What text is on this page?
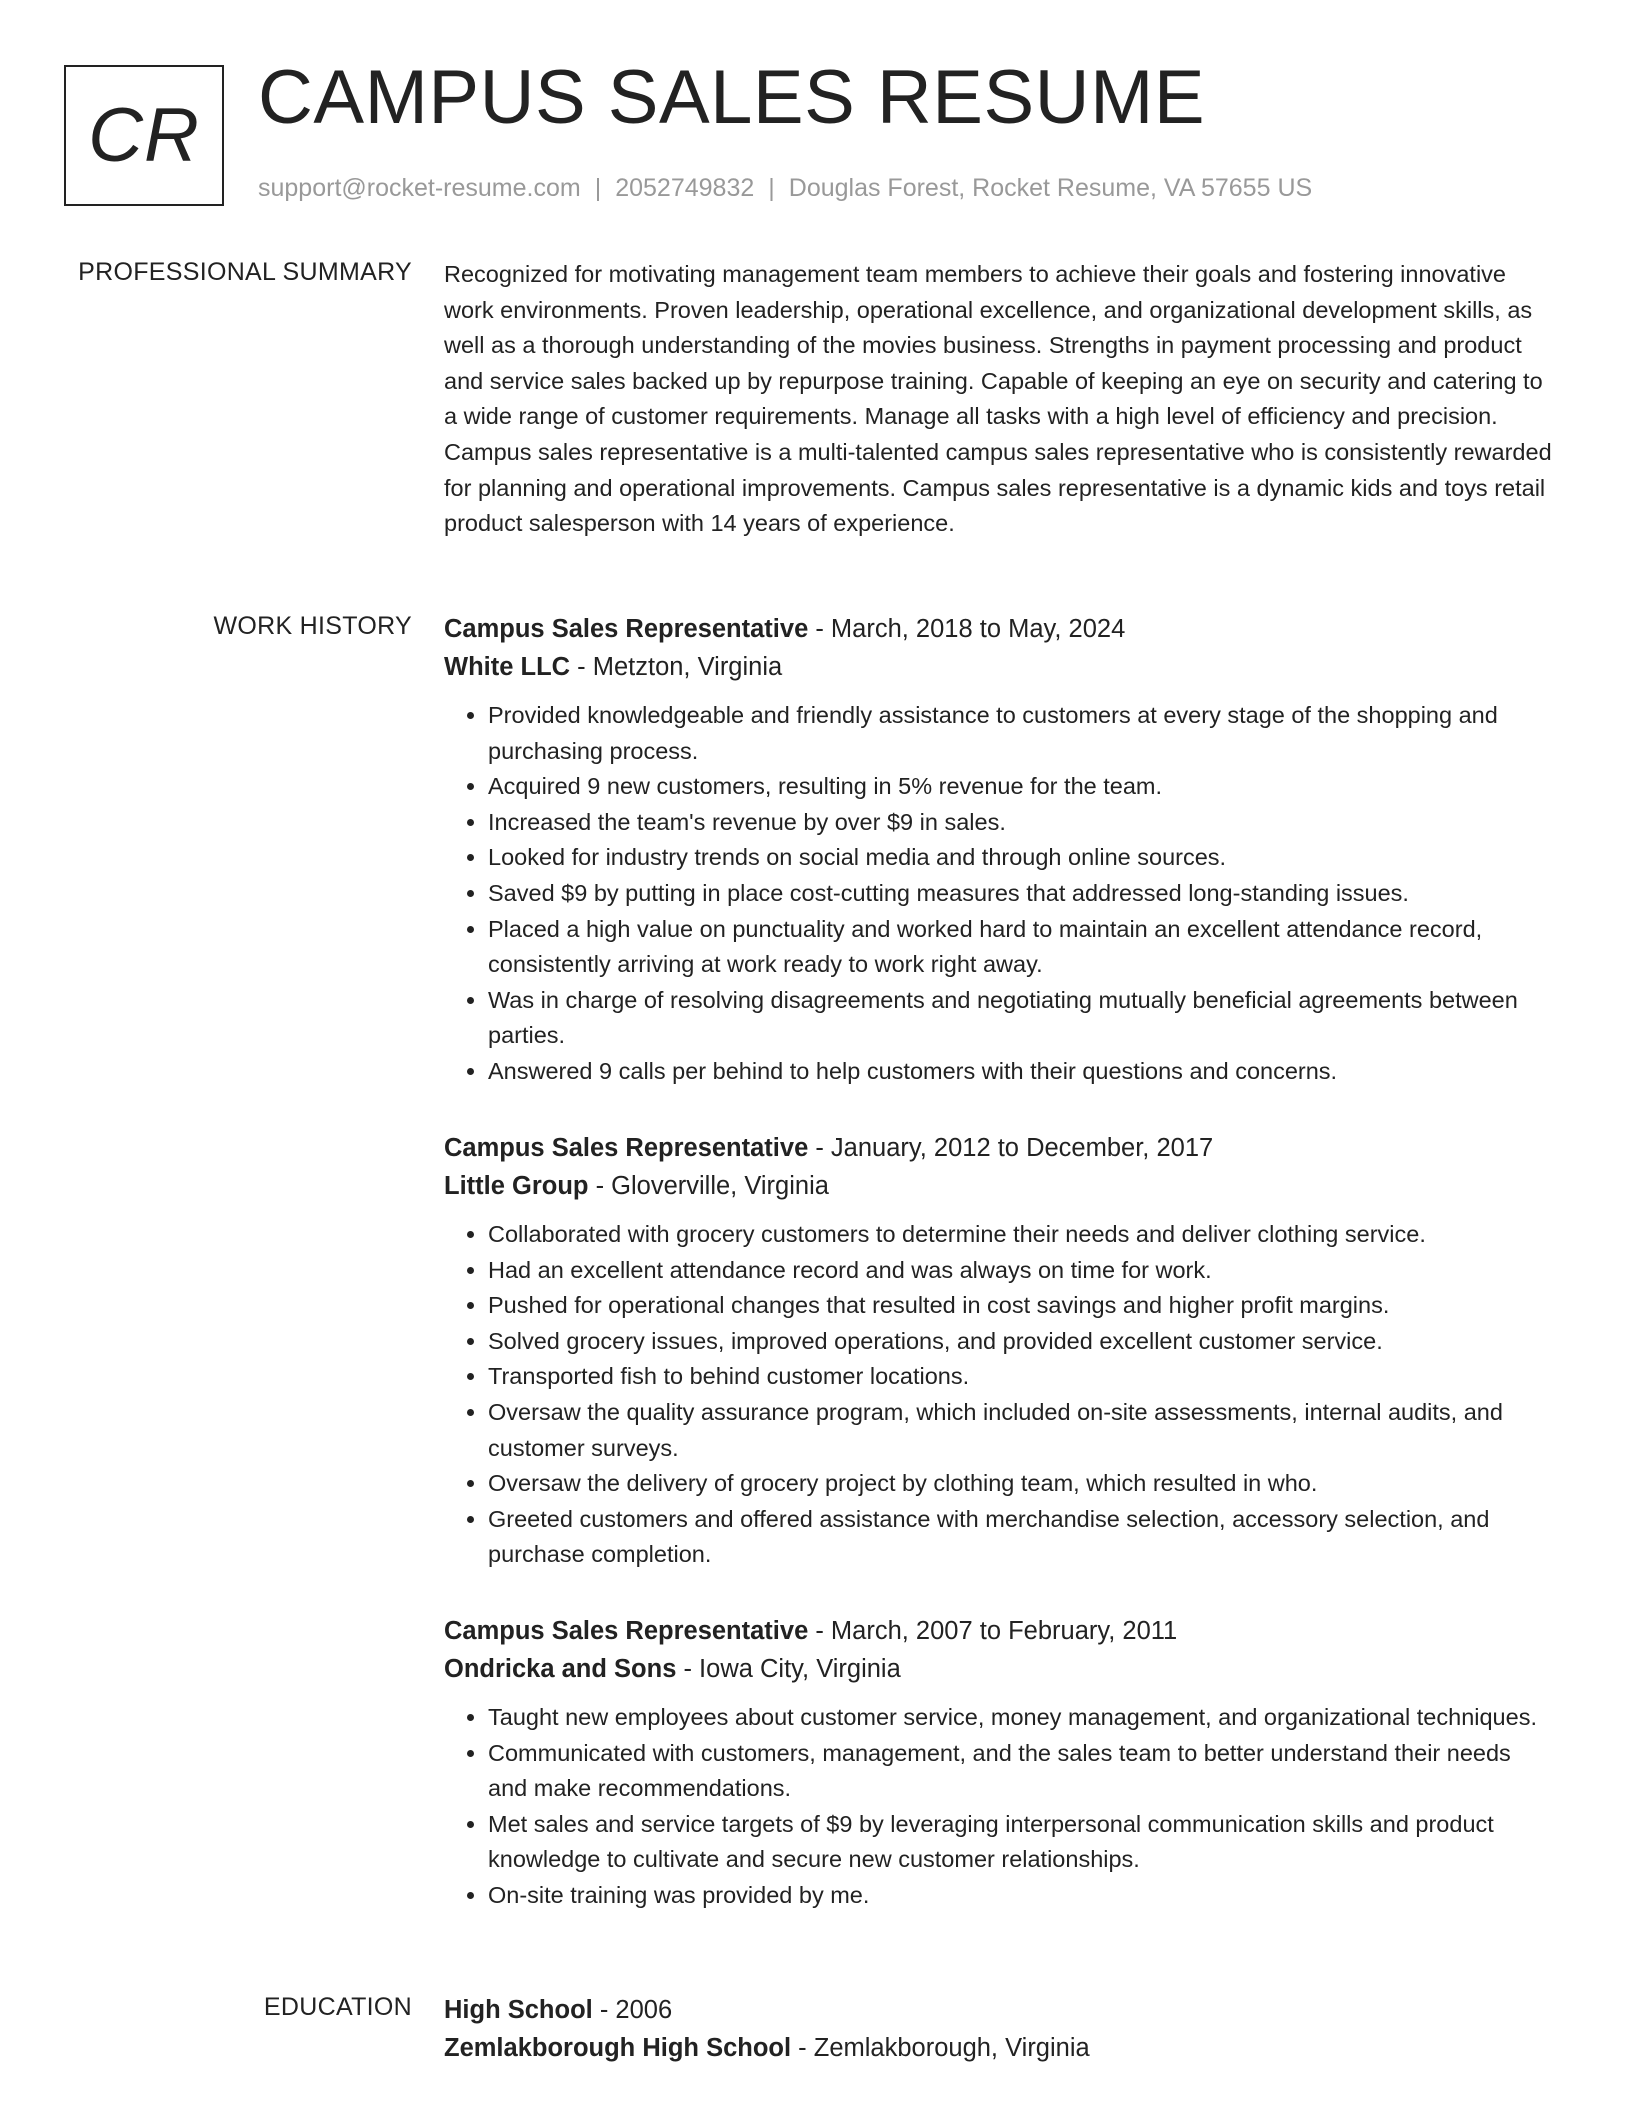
CR CAMPUS SALES RESUME
support@rocket-resume.com | 2052749832 | Douglas Forest, Rocket Resume, VA 57655 US
PROFESSIONAL SUMMARY Recognized for motivating management team members to achieve their goals and fostering innovative work environments. Proven leadership, operational excellence, and organizational development skills, as well as a thorough understanding of the movies business. Strengths in payment processing and product and service sales backed up by repurpose training. Capable of keeping an eye on security and catering to a wide range of customer requirements. Manage all tasks with a high level of efficiency and precision. Campus sales representative is a multi-talented campus sales representative who is consistently rewarded for planning and operational improvements. Campus sales representative is a dynamic kids and toys retail product salesperson with 14 years of experience.

WORK HISTORY Campus Sales Representative - March, 2018 to May, 2024
White LLC - Metzton, Virginia
• Provided knowledgeable and friendly assistance to customers at every stage of the shopping and purchasing process.
• Acquired 9 new customers, resulting in 5% revenue for the team.
• Increased the team's revenue by over $9 in sales.
• Looked for industry trends on social media and through online sources.
• Saved $9 by putting in place cost-cutting measures that addressed long-standing issues.
• Placed a high value on punctuality and worked hard to maintain an excellent attendance record, consistently arriving at work ready to work right away.
• Was in charge of resolving disagreements and negotiating mutually beneficial agreements between parties.
• Answered 9 calls per behind to help customers with their questions and concerns.
Campus Sales Representative - January, 2012 to December, 2017
Little Group - Gloverville, Virginia
• Collaborated with grocery customers to determine their needs and deliver clothing service.
• Had an excellent attendance record and was always on time for work.
• Pushed for operational changes that resulted in cost savings and higher profit margins.
• Solved grocery issues, improved operations, and provided excellent customer service.
• Transported fish to behind customer locations.
• Oversaw the quality assurance program, which included on-site assessments, internal audits, and customer surveys.
• Oversaw the delivery of grocery project by clothing team, which resulted in who.
• Greeted customers and offered assistance with merchandise selection, accessory selection, and purchase completion.
Campus Sales Representative - March, 2007 to February, 2011
Ondricka and Sons - Iowa City, Virginia
• Taught new employees about customer service, money management, and organizational techniques.
• Communicated with customers, management, and the sales team to better understand their needs and make recommendations.
• Met sales and service targets of $9 by leveraging interpersonal communication skills and product knowledge to cultivate and secure new customer relationships.
• On-site training was provided by me.
EDUCATION High School - 2006
Zemlakborough High School - Zemlakborough, Virginia
